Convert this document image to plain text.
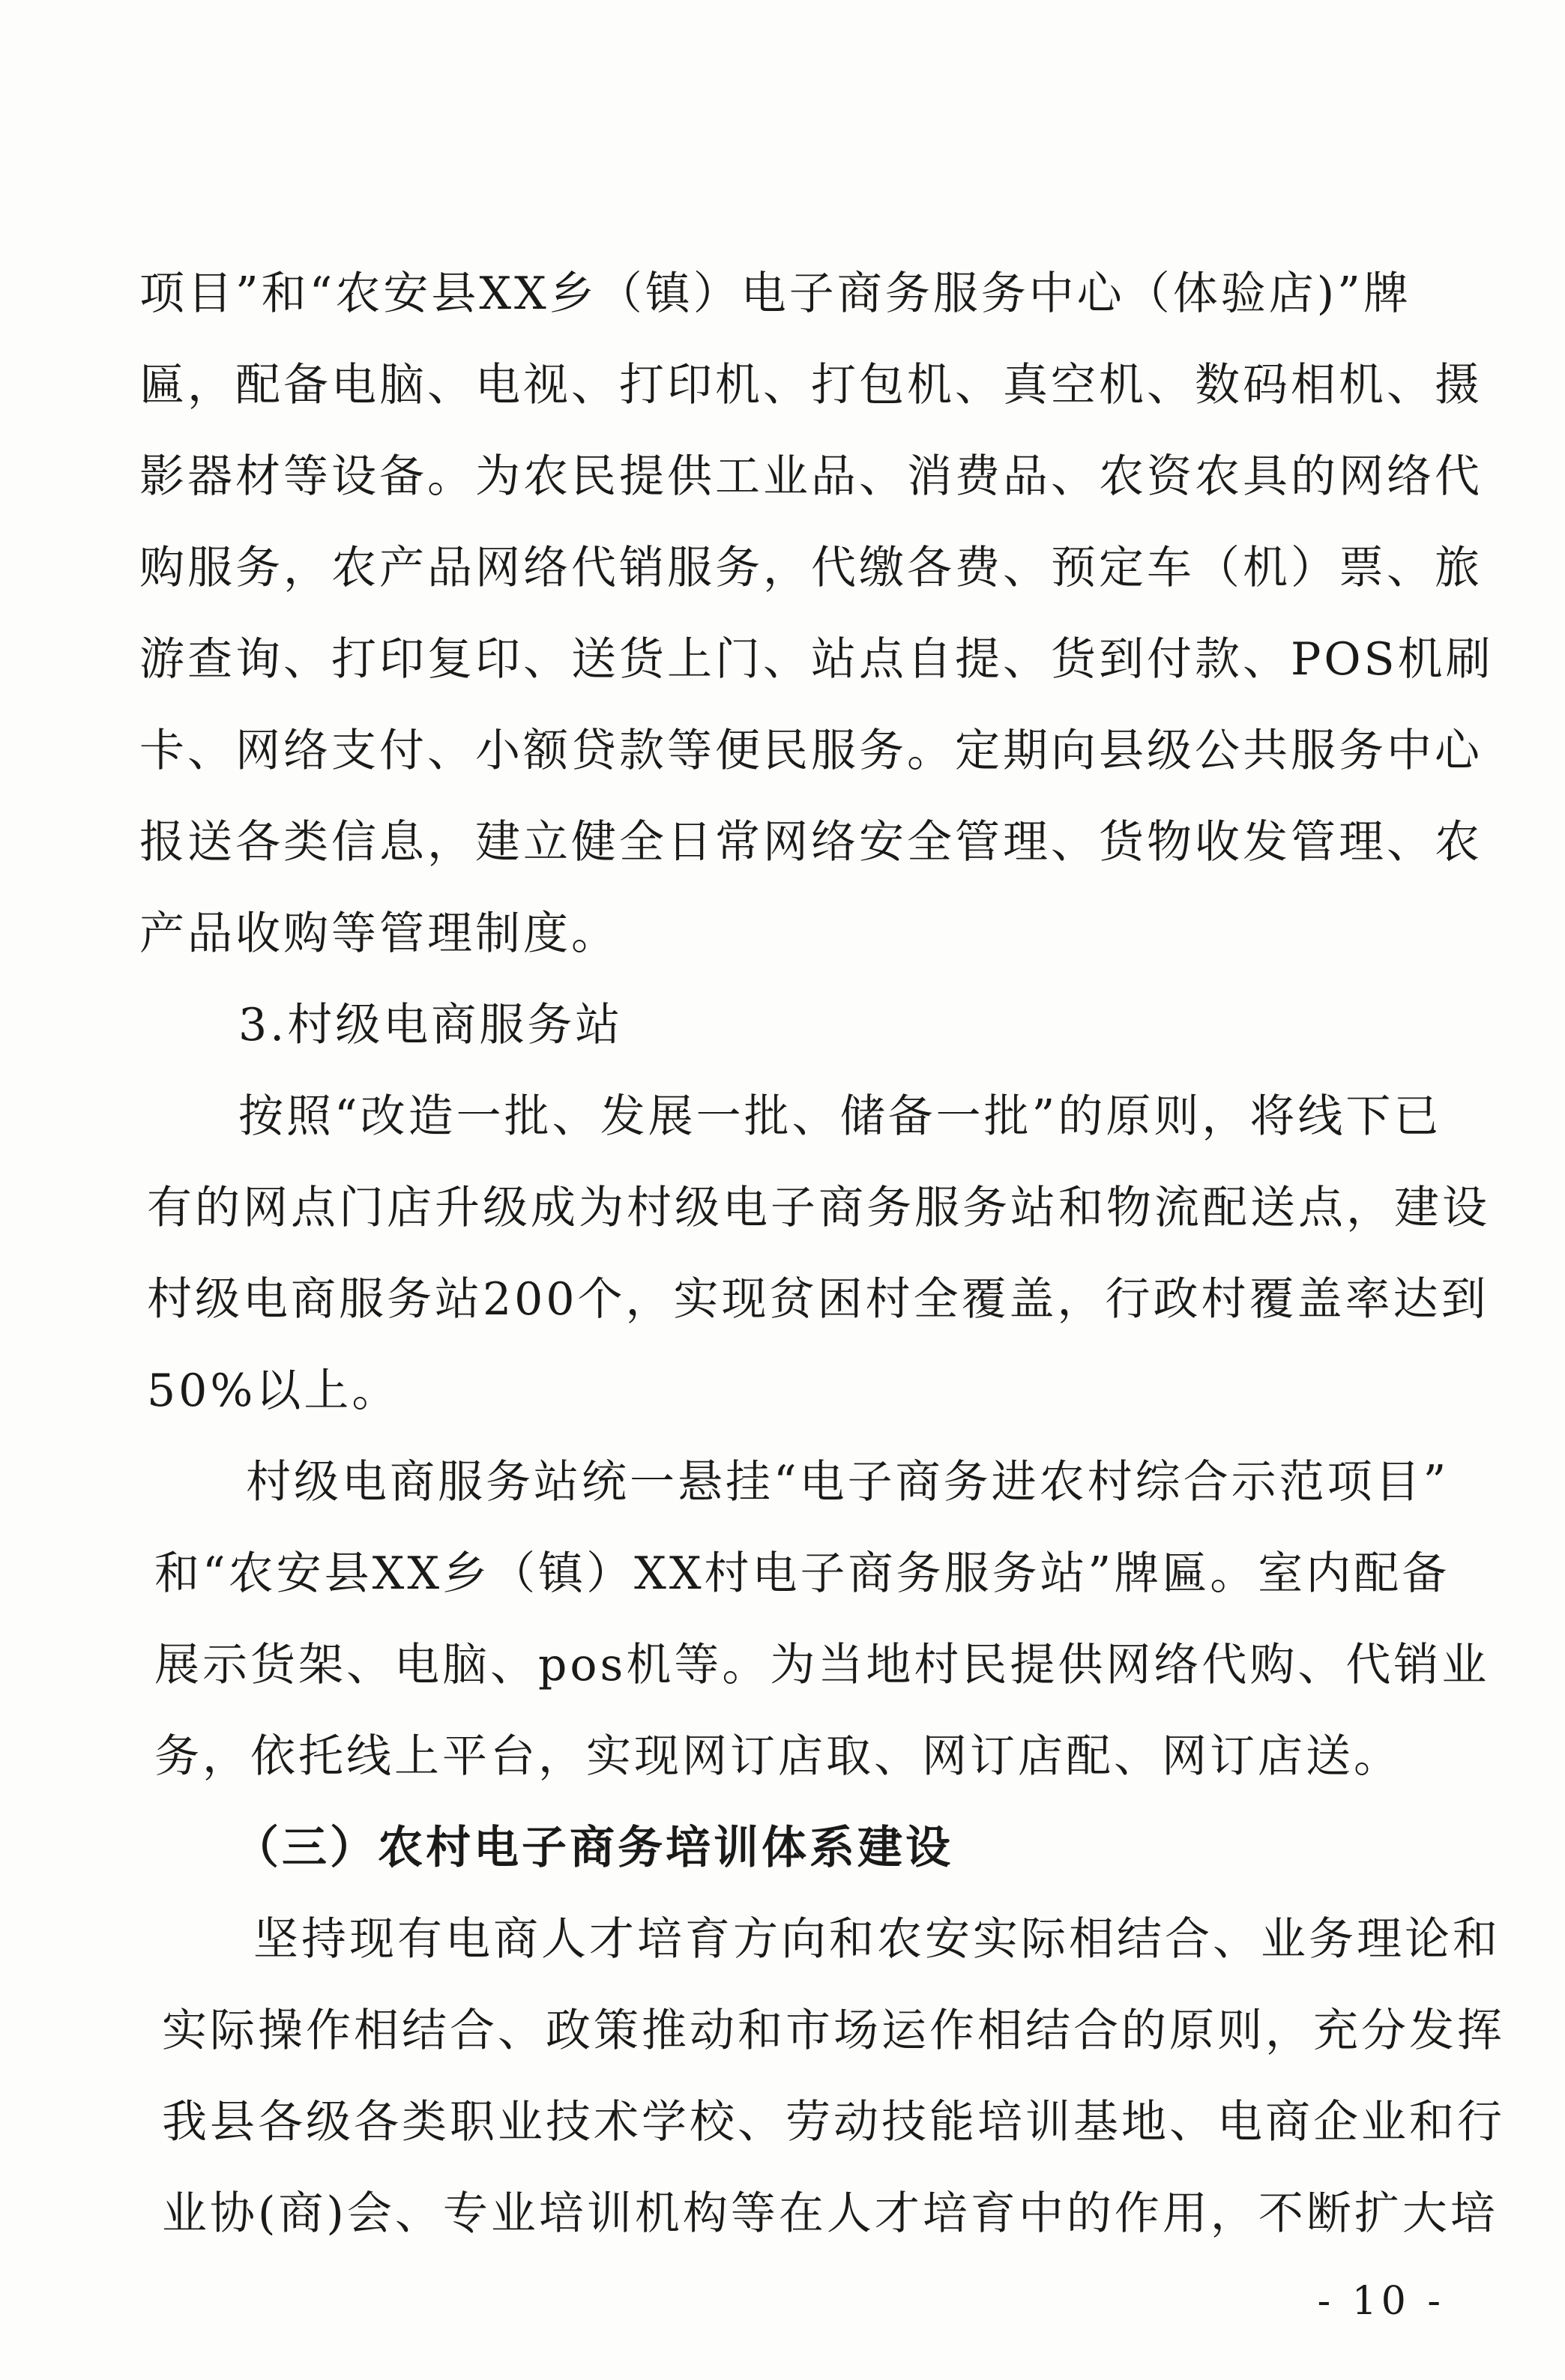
项目”和“农安县XX乡（镇）电子商务服务中心（体验店)”牌
匾，配备电脑、电视、打印机、打包机、真空机、数码相机、摄
影器材等设备。为农民提供工业品、消费品、农资农具的网络代
购服务，农产品网络代销服务，代缴各费、预定车（机）票、旅
游查询、打印复印、送货上门、站点自提、货到付款、POS机刷
卡、网络支付、小额贷款等便民服务。定期向县级公共服务中心
报送各类信息，建立健全日常网络安全管理、货物收发管理、农
产品收购等管理制度。
3.村级电商服务站
按照“改造一批、发展一批、储备一批”的原则，将线下已
有的网点门店升级成为村级电子商务服务站和物流配送点，建设
村级电商服务站200个，实现贫困村全覆盖，行政村覆盖率达到
50%以上。
村级电商服务站统一悬挂“电子商务进农村综合示范项目”
和“农安县XX乡（镇）XX村电子商务服务站”牌匾。室内配备
展示货架、电脑、pos机等。为当地村民提供网络代购、代销业
务，依托线上平台，实现网订店取、网订店配、网订店送。
（三）农村电子商务培训体系建设
坚持现有电商人才培育方向和农安实际相结合、业务理论和
实际操作相结合、政策推动和市场运作相结合的原则，充分发挥
我县各级各类职业技术学校、劳动技能培训基地、电商企业和行
业协(商)会、专业培训机构等在人才培育中的作用，不断扩大培
- 10 -
